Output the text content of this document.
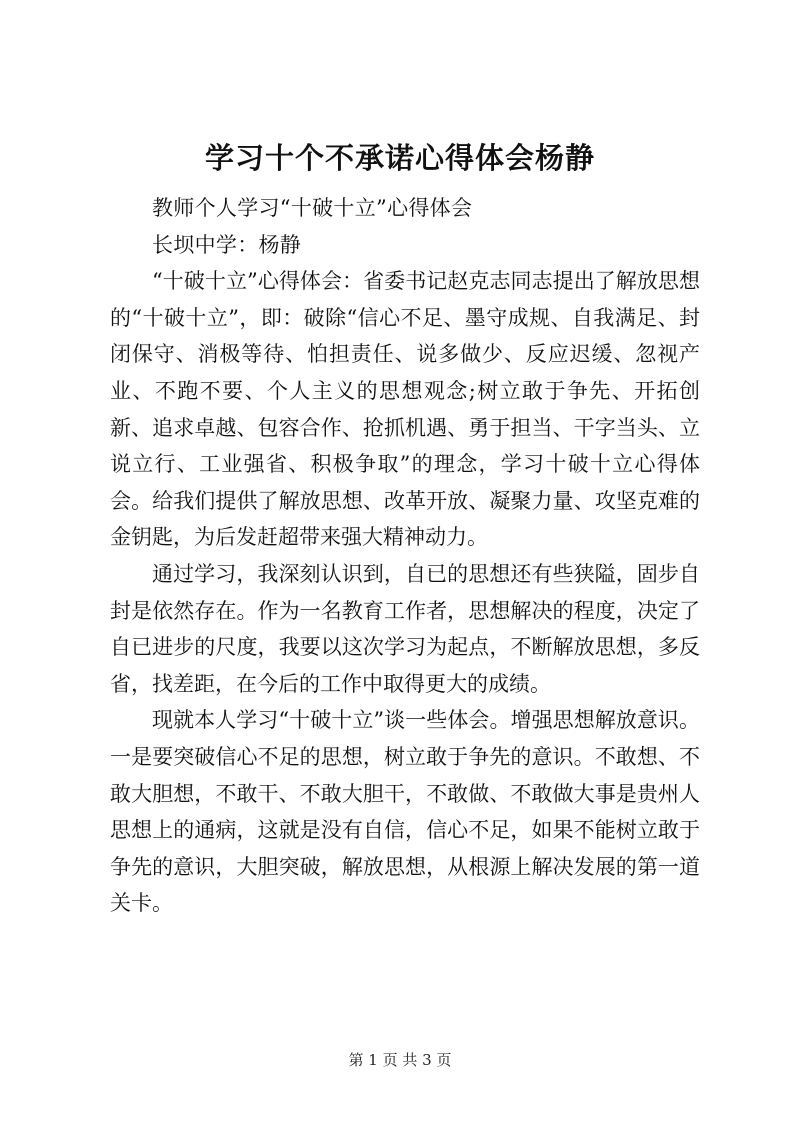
学习十个不承诺心得体会杨静

教师个人学习“十破十立”心得体会

长坝中学：杨静

“十破十立”心得体会：省委书记赵克志同志提出了解放思想的“十破十立”，即：破除“信心不足、墨守成规、自我满足、封闭保守、消极等待、怕担责任、说多做少、反应迟缓、忽视产业、不跑不要、个人主义的思想观念;树立敢于争先、开拓创新、追求卓越、包容合作、抢抓机遇、勇于担当、干字当头、立说立行、工业强省、积极争取”的理念，学习十破十立心得体会。给我们提供了解放思想、改革开放、凝聚力量、攻坚克难的金钥匙，为后发赶超带来强大精神动力。

通过学习，我深刻认识到，自已的思想还有些狭隘，固步自封是依然存在。作为一名教育工作者，思想解决的程度，决定了自已进步的尺度，我要以这次学习为起点，不断解放思想，多反省，找差距，在今后的工作中取得更大的成绩。

现就本人学习“十破十立”谈一些体会。增强思想解放意识。一是要突破信心不足的思想，树立敢于争先的意识。不敢想、不敢大胆想，不敢干、不敢大胆干，不敢做、不敢做大事是贵州人思想上的通病，这就是没有自信，信心不足，如果不能树立敢于争先的意识，大胆突破，解放思想，从根源上解决发展的第一道关卡。

第 1 页 共 3 页
